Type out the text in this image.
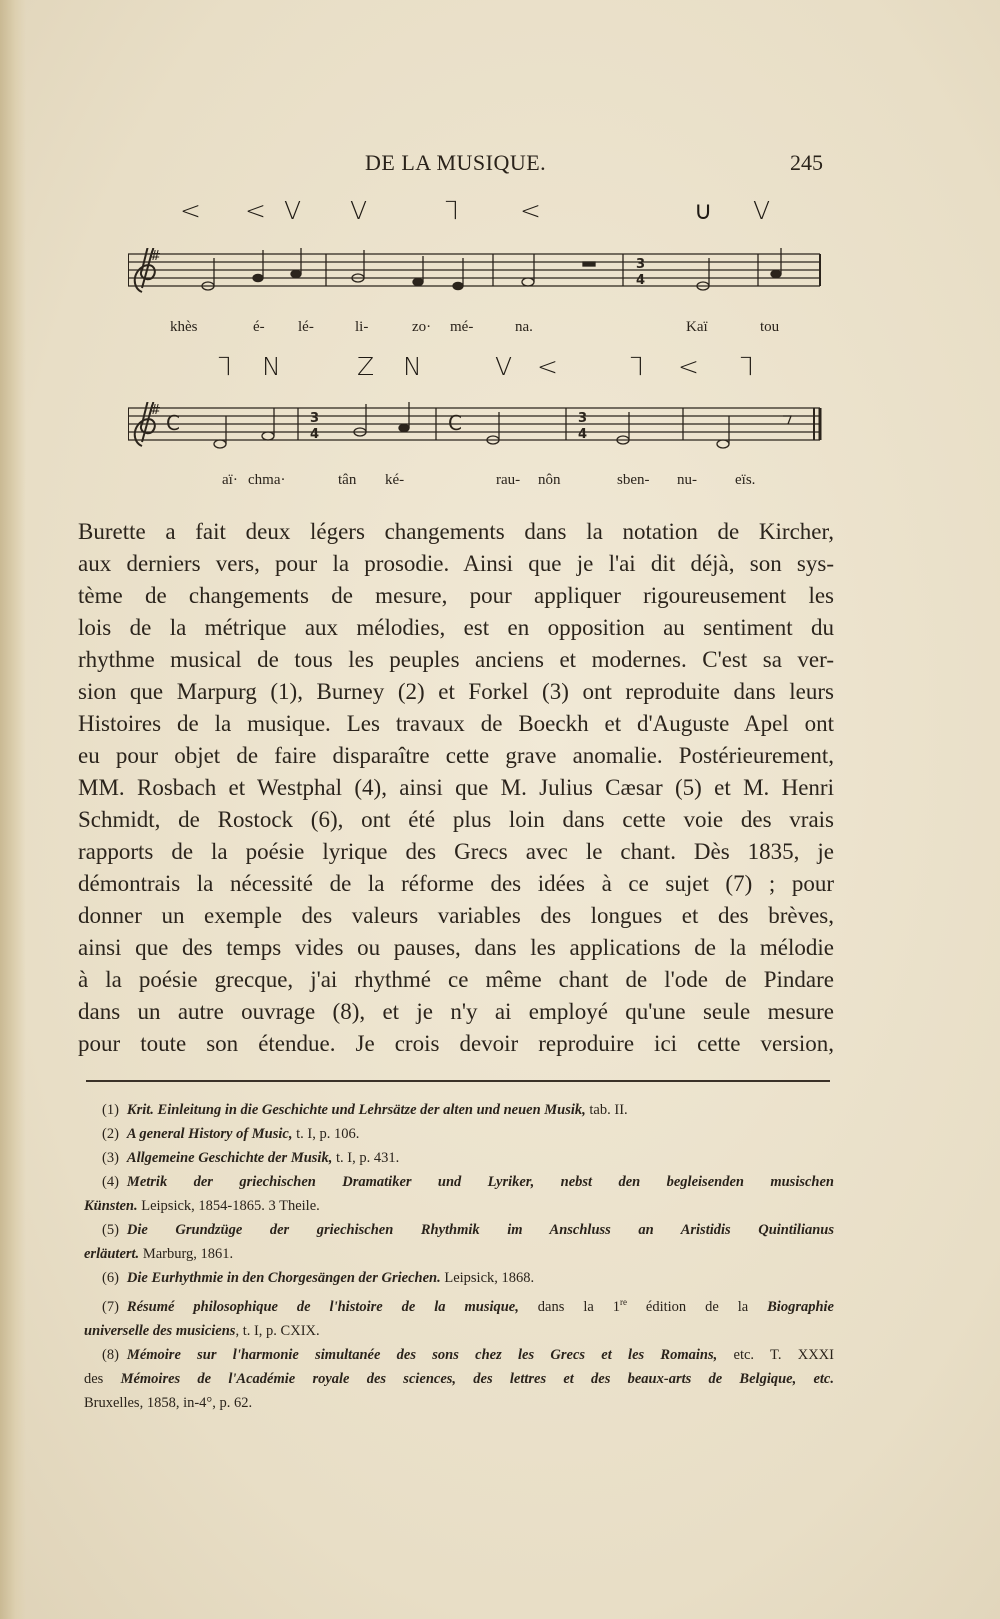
DE LA MUSIQUE.	245
< < V V	⅂ <	∪ V
#
3
4
khès	é- lé-	li-	zo· mé-	na.	Kaï	tou
⅂ N	Z N	V <	⅂ < ⅂
#
C	3
4	C	3
4
aï· chma·	tân ké-	rau- nôn	sben- nu-	eïs.
Burette a fait deux légers changements dans la notation de Kircher,
aux derniers vers, pour la prosodie. Ainsi que je l'ai dit déjà, son sys-
tème de changements de mesure, pour appliquer rigoureusement les
lois de la métrique aux mélodies, est en opposition au sentiment du
rhythme musical de tous les peuples anciens et modernes. C'est sa ver-
sion que Marpurg (1), Burney (2) et Forkel (3) ont reproduite dans leurs
Histoires de la musique. Les travaux de Boeckh et d'Auguste Apel ont
eu pour objet de faire disparaître cette grave anomalie. Postérieurement,
MM. Rosbach et Westphal (4), ainsi que M. Julius Cæsar (5) et M. Henri
Schmidt, de Rostock (6), ont été plus loin dans cette voie des vrais
rapports de la poésie lyrique des Grecs avec le chant. Dès 1835, je
démontrais la nécessité de la réforme des idées à ce sujet (7) ; pour
donner un exemple des valeurs variables des longues et des brèves,
ainsi que des temps vides ou pauses, dans les applications de la mélodie
à la poésie grecque, j'ai rhythmé ce même chant de l'ode de Pindare
dans un autre ouvrage (8), et je n'y ai employé qu'une seule mesure
pour toute son étendue. Je crois devoir reproduire ici cette version,
(1) Krit. Einleitung in die Geschichte und Lehrsätze der alten und neuen Musik, tab. II.
(2) A general History of Music, t. I, p. 106.
(3) Allgemeine Geschichte der Musik, t. I, p. 431.
(4) Metrik der griechischen Dramatiker und Lyriker, nebst den begleisenden musischen
Künsten. Leipsick, 1854-1865. 3 Theile.
(5) Die Grundzüge der griechischen Rhythmik im Anschluss an Aristidis Quintilianus
erläutert. Marburg, 1861.
(6) Die Eurhythmie in den Chorgesängen der Griechen. Leipsick, 1868.
(7) Résumé philosophique de l'histoire de la musique, dans la 1re édition de la Biographie
universelle des musiciens, t. I, p. CXIX.
(8) Mémoire sur l'harmonie simultanée des sons chez les Grecs et les Romains, etc. T. XXXI
des Mémoires de l'Académie royale des sciences, des lettres et des beaux-arts de Belgique, etc.
Bruxelles, 1858, in-4°, p. 62.
